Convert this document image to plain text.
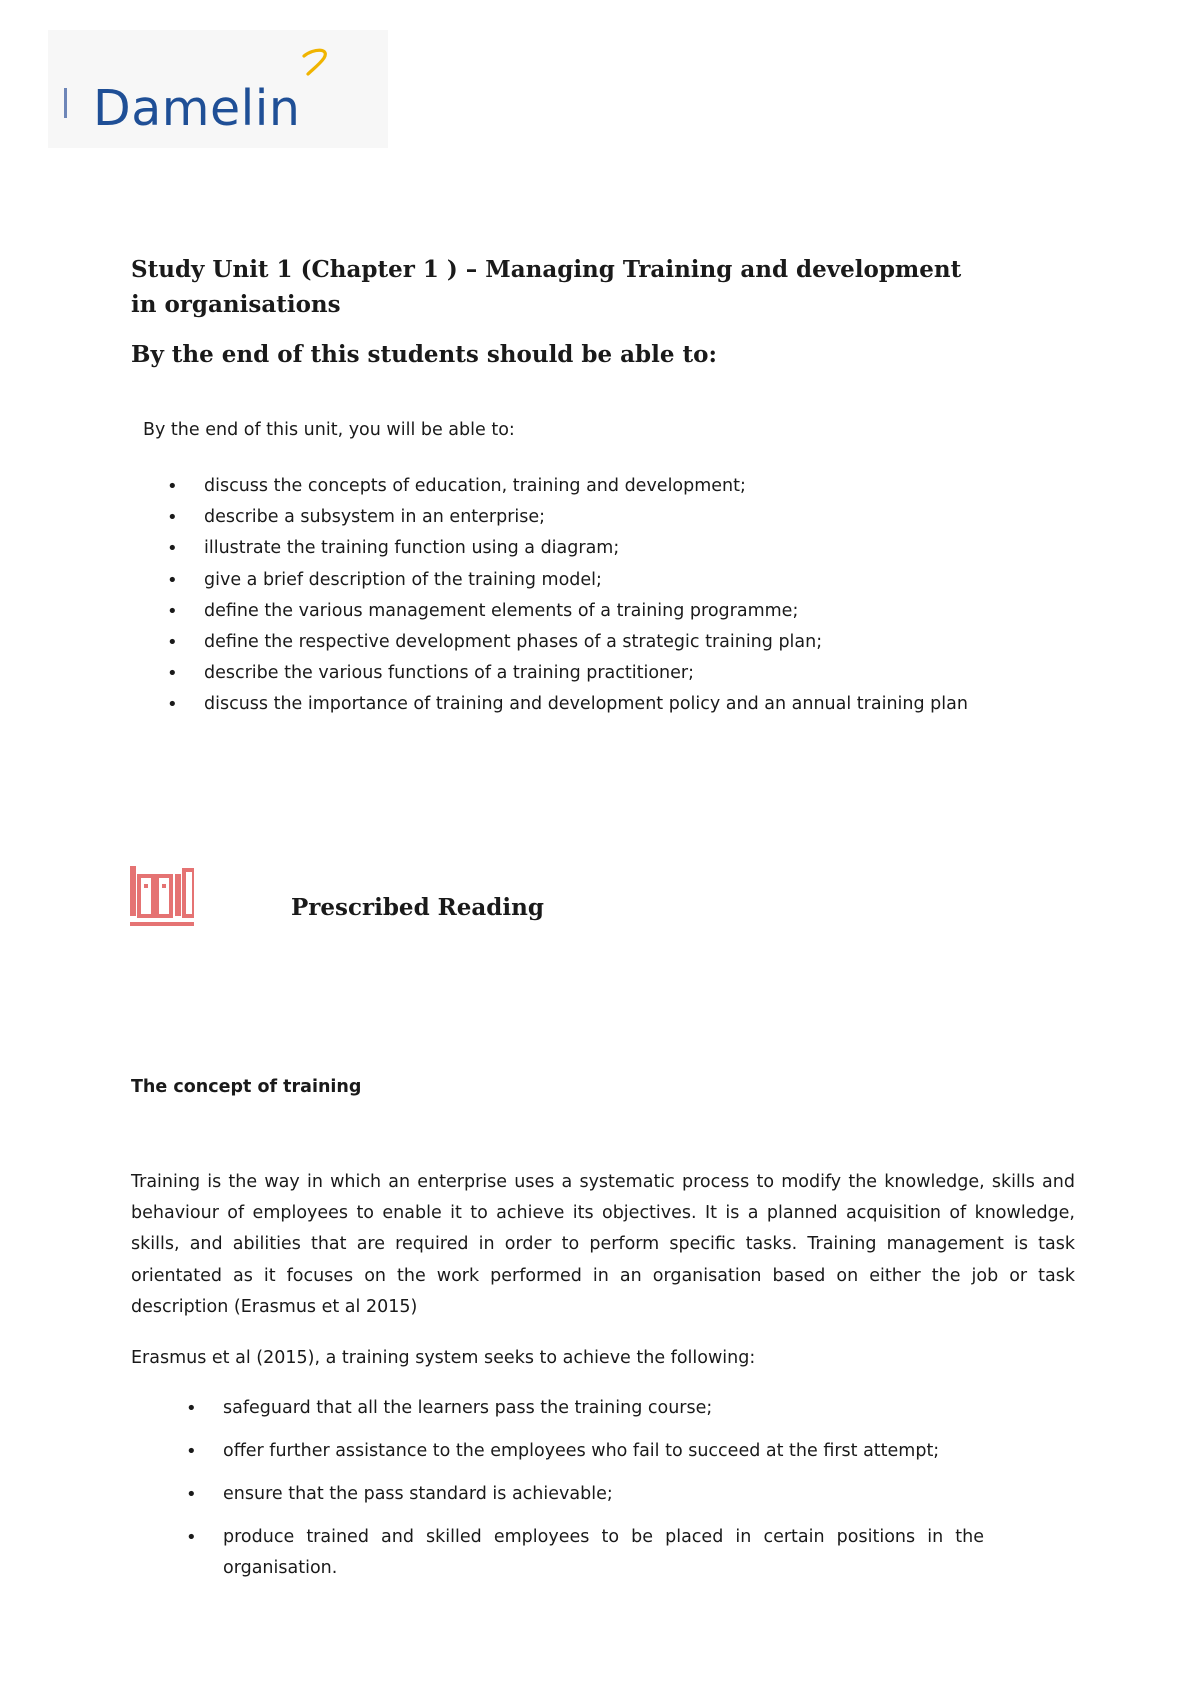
Damelin
Study Unit 1 (Chapter 1 ) – Managing Training and development in organisations
By the end of this students should be able to:

By the end of this unit, you will be able to:

• discuss the concepts of education, training and development;
• describe a subsystem in an enterprise;
• illustrate the training function using a diagram;
• give a brief description of the training model;
• define the various management elements of a training programme;
• define the respective development phases of a strategic training plan;
• describe the various functions of a training practitioner;
• discuss the importance of training and development policy and an annual training plan
Prescribed Reading
The concept of training

Training is the way in which an enterprise uses a systematic process to modify the knowledge, skills and behaviour of employees to enable it to achieve its objectives. It is a planned acquisition of knowledge, skills, and abilities that are required in order to perform specific tasks. Training management is task orientated as it focuses on the work performed in an organisation based on either the job or task description (Erasmus et al 2015)

Erasmus et al (2015), a training system seeks to achieve the following:

• safeguard that all the learners pass the training course;
• offer further assistance to the employees who fail to succeed at the first attempt;
• ensure that the pass standard is achievable;
• produce trained and skilled employees to be placed in certain positions in the organisation.
